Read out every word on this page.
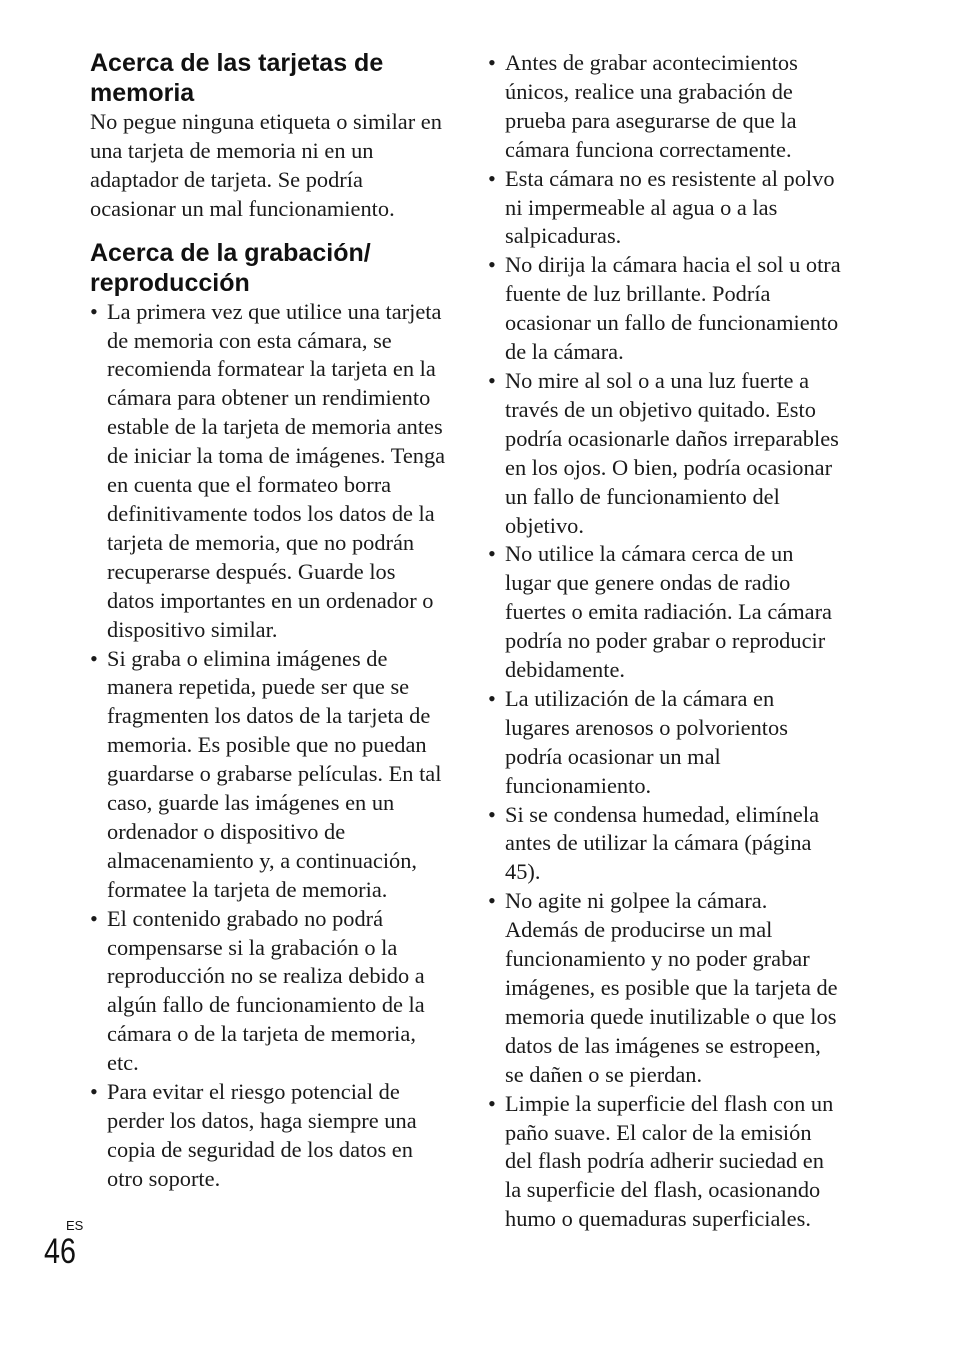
Acerca de las tarjetas de memoria

No pegue ninguna etiqueta o similar en una tarjeta de memoria ni en un adaptador de tarjeta. Se podría ocasionar un mal funcionamiento.

Acerca de la grabación/ reproducción
• La primera vez que utilice una tarjeta de memoria con esta cámara, se recomienda formatear la tarjeta en la cámara para obtener un rendimiento estable de la tarjeta de memoria antes de iniciar la toma de imágenes. Tenga en cuenta que el formateo borra definitivamente todos los datos de la tarjeta de memoria, que no podrán recuperarse después. Guarde los datos importantes en un ordenador o dispositivo similar.
• Si graba o elimina imágenes de manera repetida, puede ser que se fragmenten los datos de la tarjeta de memoria. Es posible que no puedan guardarse o grabarse películas. En tal caso, guarde las imágenes en un ordenador o dispositivo de almacenamiento y, a continuación, formatee la tarjeta de memoria.
• El contenido grabado no podrá compensarse si la grabación o la reproducción no se realiza debido a algún fallo de funcionamiento de la cámara o de la tarjeta de memoria, etc.
• Para evitar el riesgo potencial de perder los datos, haga siempre una copia de seguridad de los datos en otro soporte.
• Antes de grabar acontecimientos únicos, realice una grabación de prueba para asegurarse de que la cámara funciona correctamente.
• Esta cámara no es resistente al polvo ni impermeable al agua o a las salpicaduras.
• No dirija la cámara hacia el sol u otra fuente de luz brillante. Podría ocasionar un fallo de funcionamiento de la cámara.
• No mire al sol o a una luz fuerte a través de un objetivo quitado. Esto podría ocasionarle daños irreparables en los ojos. O bien, podría ocasionar un fallo de funcionamiento del objetivo.
• No utilice la cámara cerca de un lugar que genere ondas de radio fuertes o emita radiación. La cámara podría no poder grabar o reproducir debidamente.
• La utilización de la cámara en lugares arenosos o polvorientos podría ocasionar un mal funcionamiento.
• Si se condensa humedad, elimínela antes de utilizar la cámara (página 45).
• No agite ni golpee la cámara. Además de producirse un mal funcionamiento y no poder grabar imágenes, es posible que la tarjeta de memoria quede inutilizable o que los datos de las imágenes se estropeen, se dañen o se pierdan.
• Limpie la superficie del flash con un paño suave. El calor de la emisión del flash podría adherir suciedad en la superficie del flash, ocasionando humo o quemaduras superficiales.
ES
46
